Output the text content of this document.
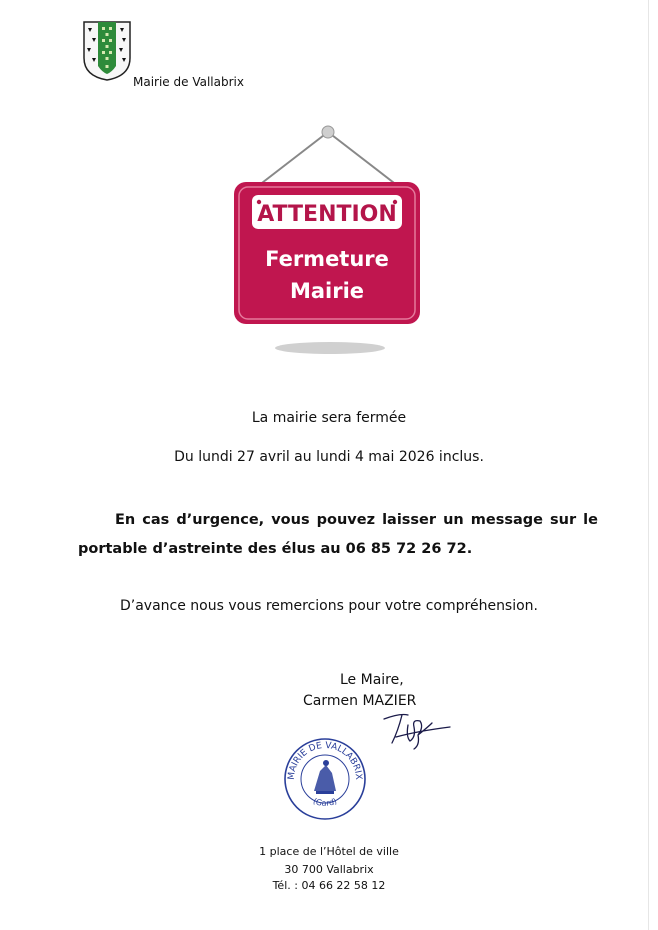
Mairie de Vallabrix
ATTENTION
Fermeture
Mairie
La mairie sera fermée
Du lundi 27 avril au lundi 4 mai 2026 inclus.
En cas d’urgence, vous pouvez laisser un message sur le
portable d’astreinte des élus au 06 85 72 26 72.
D’avance nous vous remercions pour votre compréhension.
Le Maire,
Carmen MAZIER
MAIRIE DE VALLABRIX
(Gard)
1 place de l’Hôtel de ville
30 700 Vallabrix
Tél. : 04 66 22 58 12
